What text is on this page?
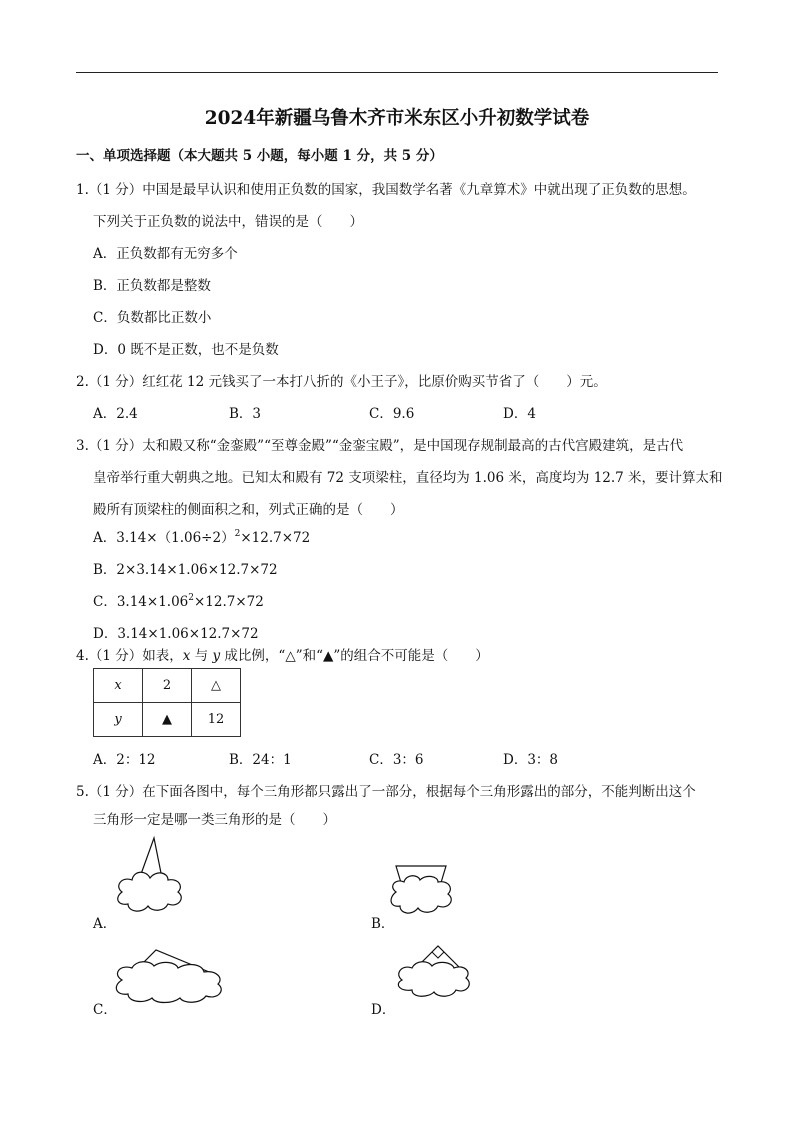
2024年新疆乌鲁木齐市米东区小升初数学试卷
一、单项选择题（本大题共 5 小题，每小题 1 分，共 5 分）
1.（1 分）中国是最早认识和使用正负数的国家，我国数学名著《九章算术》中就出现了正负数的思想。
下列关于正负数的说法中，错误的是（　　）
A．正负数都有无穷多个
B．正负数都是整数
C．负数都比正数小
D．0 既不是正数，也不是负数
2.（1 分）红红花 12 元钱买了一本打八折的《小王子》，比原价购买节省了（　　）元。
A．2.4	B．3	C．9.6	D．4
3.（1 分）太和殿又称“金銮殿”“至尊金殿”“金銮宝殿”，是中国现存规制最高的古代宫殿建筑，是古代
皇帝举行重大朝典之地。已知太和殿有 72 支项梁柱，直径均为 1.06 米，高度均为 12.7 米，要计算太和
殿所有顶梁柱的侧面积之和，列式正确的是（　　）
A．$3.14\times(1.06\div 2)^2\times 12.7\times 72$
B．2×3.14×1.06×12.7×72
C．$3.14\times 1.06^2\times 12.7\times 72$
D．3.14×1.06×12.7×72
4.（1 分）如表，x 与 y 成比例，“△”和“▲”的组合不可能是（　　）
x	2	△
y	▲	12
A．2：12	B．24：1	C．3：6	D．3：8
5.（1 分）在下面各图中，每个三角形都只露出了一部分，根据每个三角形露出的部分，不能判断出这个
三角形一定是哪一类三角形的是（　　）
A．	B．
C．	D．
